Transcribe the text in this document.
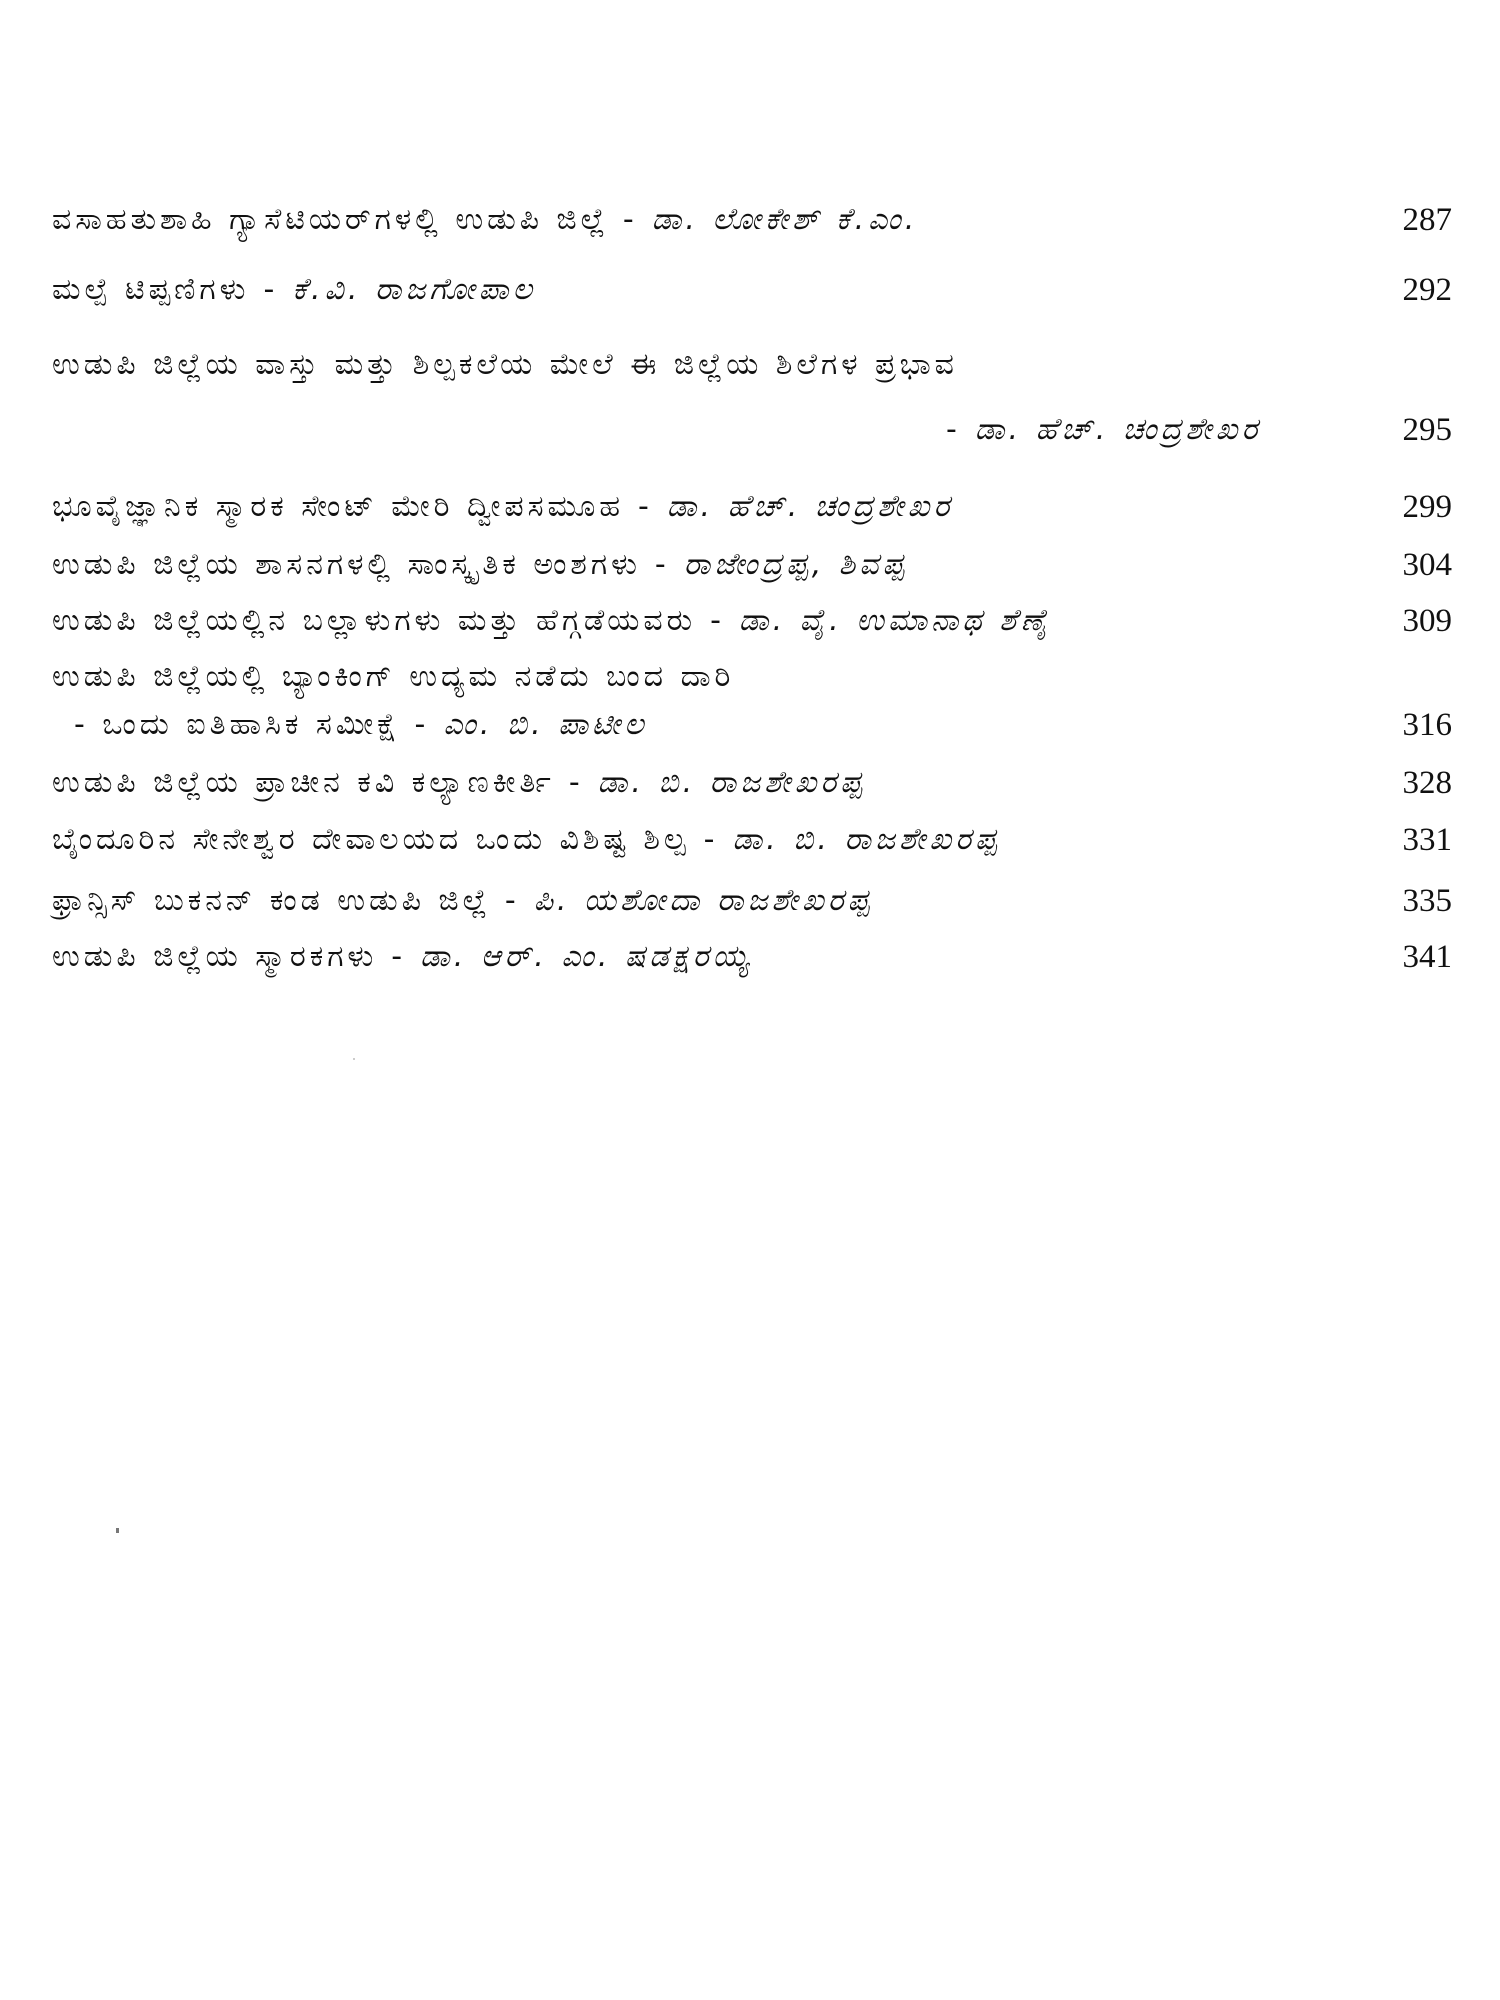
ವಸಾಹತುಶಾಹಿ ಗ್ಯಾಸೆಟಿಯರ್‌ಗಳಲ್ಲಿ ಉಡುಪಿ ಜಿಲ್ಲೆ - ಡಾ. ಲೋಕೇಶ್ ಕೆ.ಎಂ.	287
ಮಲ್ಪೆ ಟಿಪ್ಪಣಿಗಳು - ಕೆ.ವಿ. ರಾಜಗೋಪಾಲ	292
ಉಡುಪಿ ಜಿಲ್ಲೆಯ ವಾಸ್ತು ಮತ್ತು ಶಿಲ್ಪಕಲೆಯ ಮೇಲೆ ಈ ಜಿಲ್ಲೆಯ ಶಿಲೆಗಳ ಪ್ರಭಾವ
- ಡಾ. ಹೆಚ್. ಚಂದ್ರಶೇಖರ	295
ಭೂವೈಜ್ಞಾನಿಕ ಸ್ಮಾರಕ ಸೇಂಟ್ ಮೇರಿ ದ್ವೀಪಸಮೂಹ - ಡಾ. ಹೆಚ್. ಚಂದ್ರಶೇಖರ	299
ಉಡುಪಿ ಜಿಲ್ಲೆಯ ಶಾಸನಗಳಲ್ಲಿ ಸಾಂಸ್ಕೃತಿಕ ಅಂಶಗಳು - ರಾಜೇಂದ್ರಪ್ಪ, ಶಿವಪ್ಪ	304
ಉಡುಪಿ ಜಿಲ್ಲೆಯಲ್ಲಿನ ಬಲ್ಲಾಳುಗಳು ಮತ್ತು ಹೆಗ್ಗಡೆಯವರು - ಡಾ. ವೈ. ಉಮಾನಾಥ ಶೆಣೈ	309
ಉಡುಪಿ ಜಿಲ್ಲೆಯಲ್ಲಿ ಬ್ಯಾಂಕಿಂಗ್ ಉದ್ಯಮ ನಡೆದು ಬಂದ ದಾರಿ
- ಒಂದು ಐತಿಹಾಸಿಕ ಸಮೀಕ್ಷೆ - ಎಂ. ಬಿ. ಪಾಟೀಲ	316
ಉಡುಪಿ ಜಿಲ್ಲೆಯ ಪ್ರಾಚೀನ ಕವಿ ಕಲ್ಯಾಣಕೀರ್ತಿ - ಡಾ. ಬಿ. ರಾಜಶೇಖರಪ್ಪ	328
ಬೈಂದೂರಿನ ಸೇನೇಶ್ವರ ದೇವಾಲಯದ ಒಂದು ವಿಶಿಷ್ಟ ಶಿಲ್ಪ - ಡಾ. ಬಿ. ರಾಜಶೇಖರಪ್ಪ	331
ಫ್ರಾನ್ಸಿಸ್ ಬುಕನನ್ ಕಂಡ ಉಡುಪಿ ಜಿಲ್ಲೆ - ಪಿ. ಯಶೋದಾ ರಾಜಶೇಖರಪ್ಪ	335
ಉಡುಪಿ ಜಿಲ್ಲೆಯ ಸ್ಮಾರಕಗಳು - ಡಾ. ಆರ್. ಎಂ. ಷಡಕ್ಷರಯ್ಯ	341
